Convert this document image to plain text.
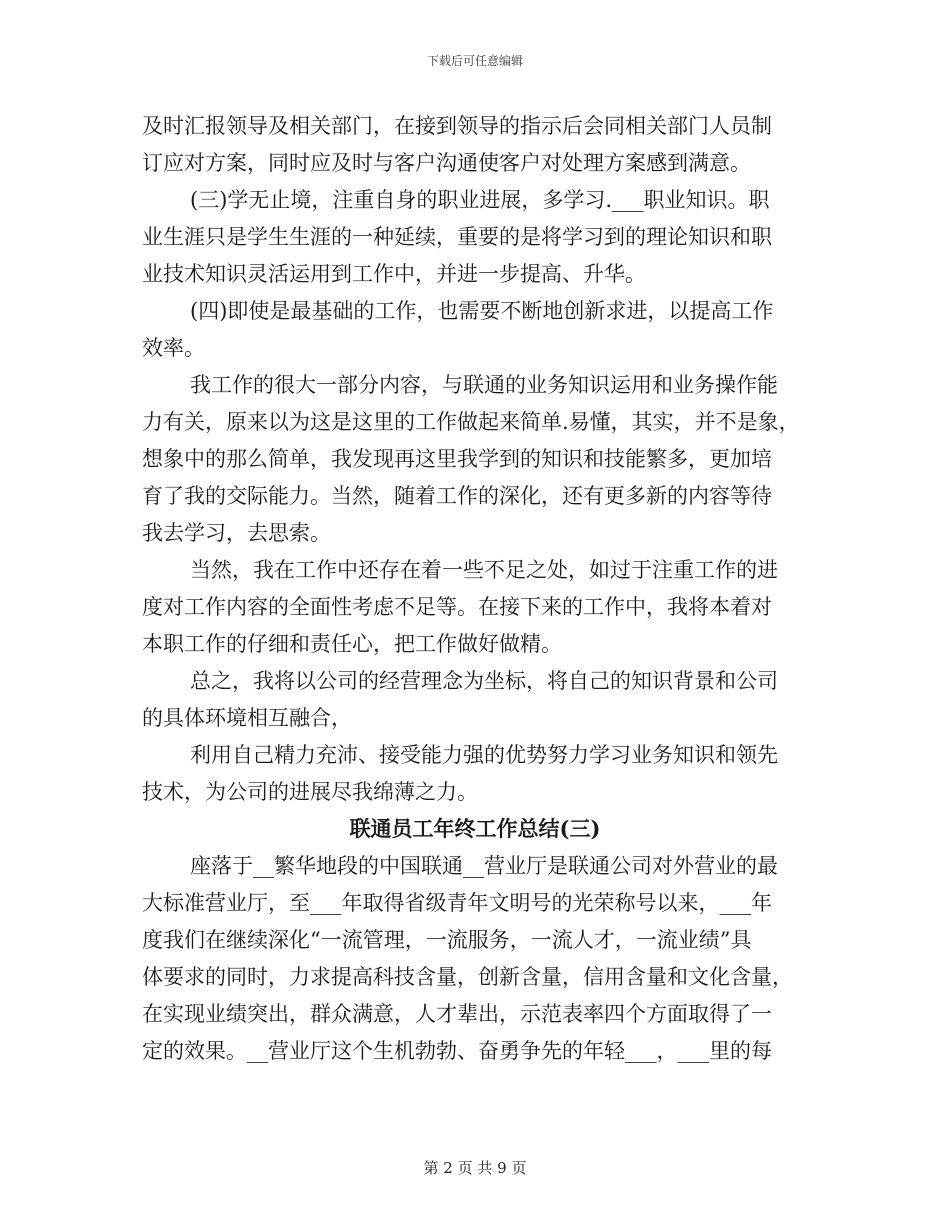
下载后可任意编辑
及时汇报领导及相关部门，在接到领导的指示后会同相关部门人员制
订应对方案，同时应及时与客户沟通使客户对处理方案感到满意。
(三)学无止境，注重自身的职业进展，多学习.___职业知识。职
业生涯只是学生生涯的一种延续，重要的是将学习到的理论知识和职
业技术知识灵活运用到工作中，并进一步提高、升华。
(四)即使是最基础的工作，也需要不断地创新求进，以提高工作
效率。
我工作的很大一部分内容，与联通的业务知识运用和业务操作能
力有关，原来以为这是这里的工作做起来简单.易懂，其实，并不是象，
想象中的那么简单，我发现再这里我学到的知识和技能繁多，更加培
育了我的交际能力。当然，随着工作的深化，还有更多新的内容等待
我去学习，去思索。
当然，我在工作中还存在着一些不足之处，如过于注重工作的进
度对工作内容的全面性考虑不足等。在接下来的工作中，我将本着对
本职工作的仔细和责任心，把工作做好做精。
总之，我将以公司的经营理念为坐标，将自己的知识背景和公司
的具体环境相互融合，
利用自己精力充沛、接受能力强的优势努力学习业务知识和领先
技术，为公司的进展尽我绵薄之力。
联通员工年终工作总结(三)
座落于__繁华地段的中国联通__营业厅是联通公司对外营业的最
大标准营业厅，至___年取得省级青年文明号的光荣称号以来，___年
度我们在继续深化“一流管理，一流服务，一流人才，一流业绩”具
体要求的同时，力求提高科技含量，创新含量，信用含量和文化含量，
在实现业绩突出，群众满意，人才辈出，示范表率四个方面取得了一
定的效果。__营业厅这个生机勃勃、奋勇争先的年轻___，___里的每
第 2 页 共 9 页
